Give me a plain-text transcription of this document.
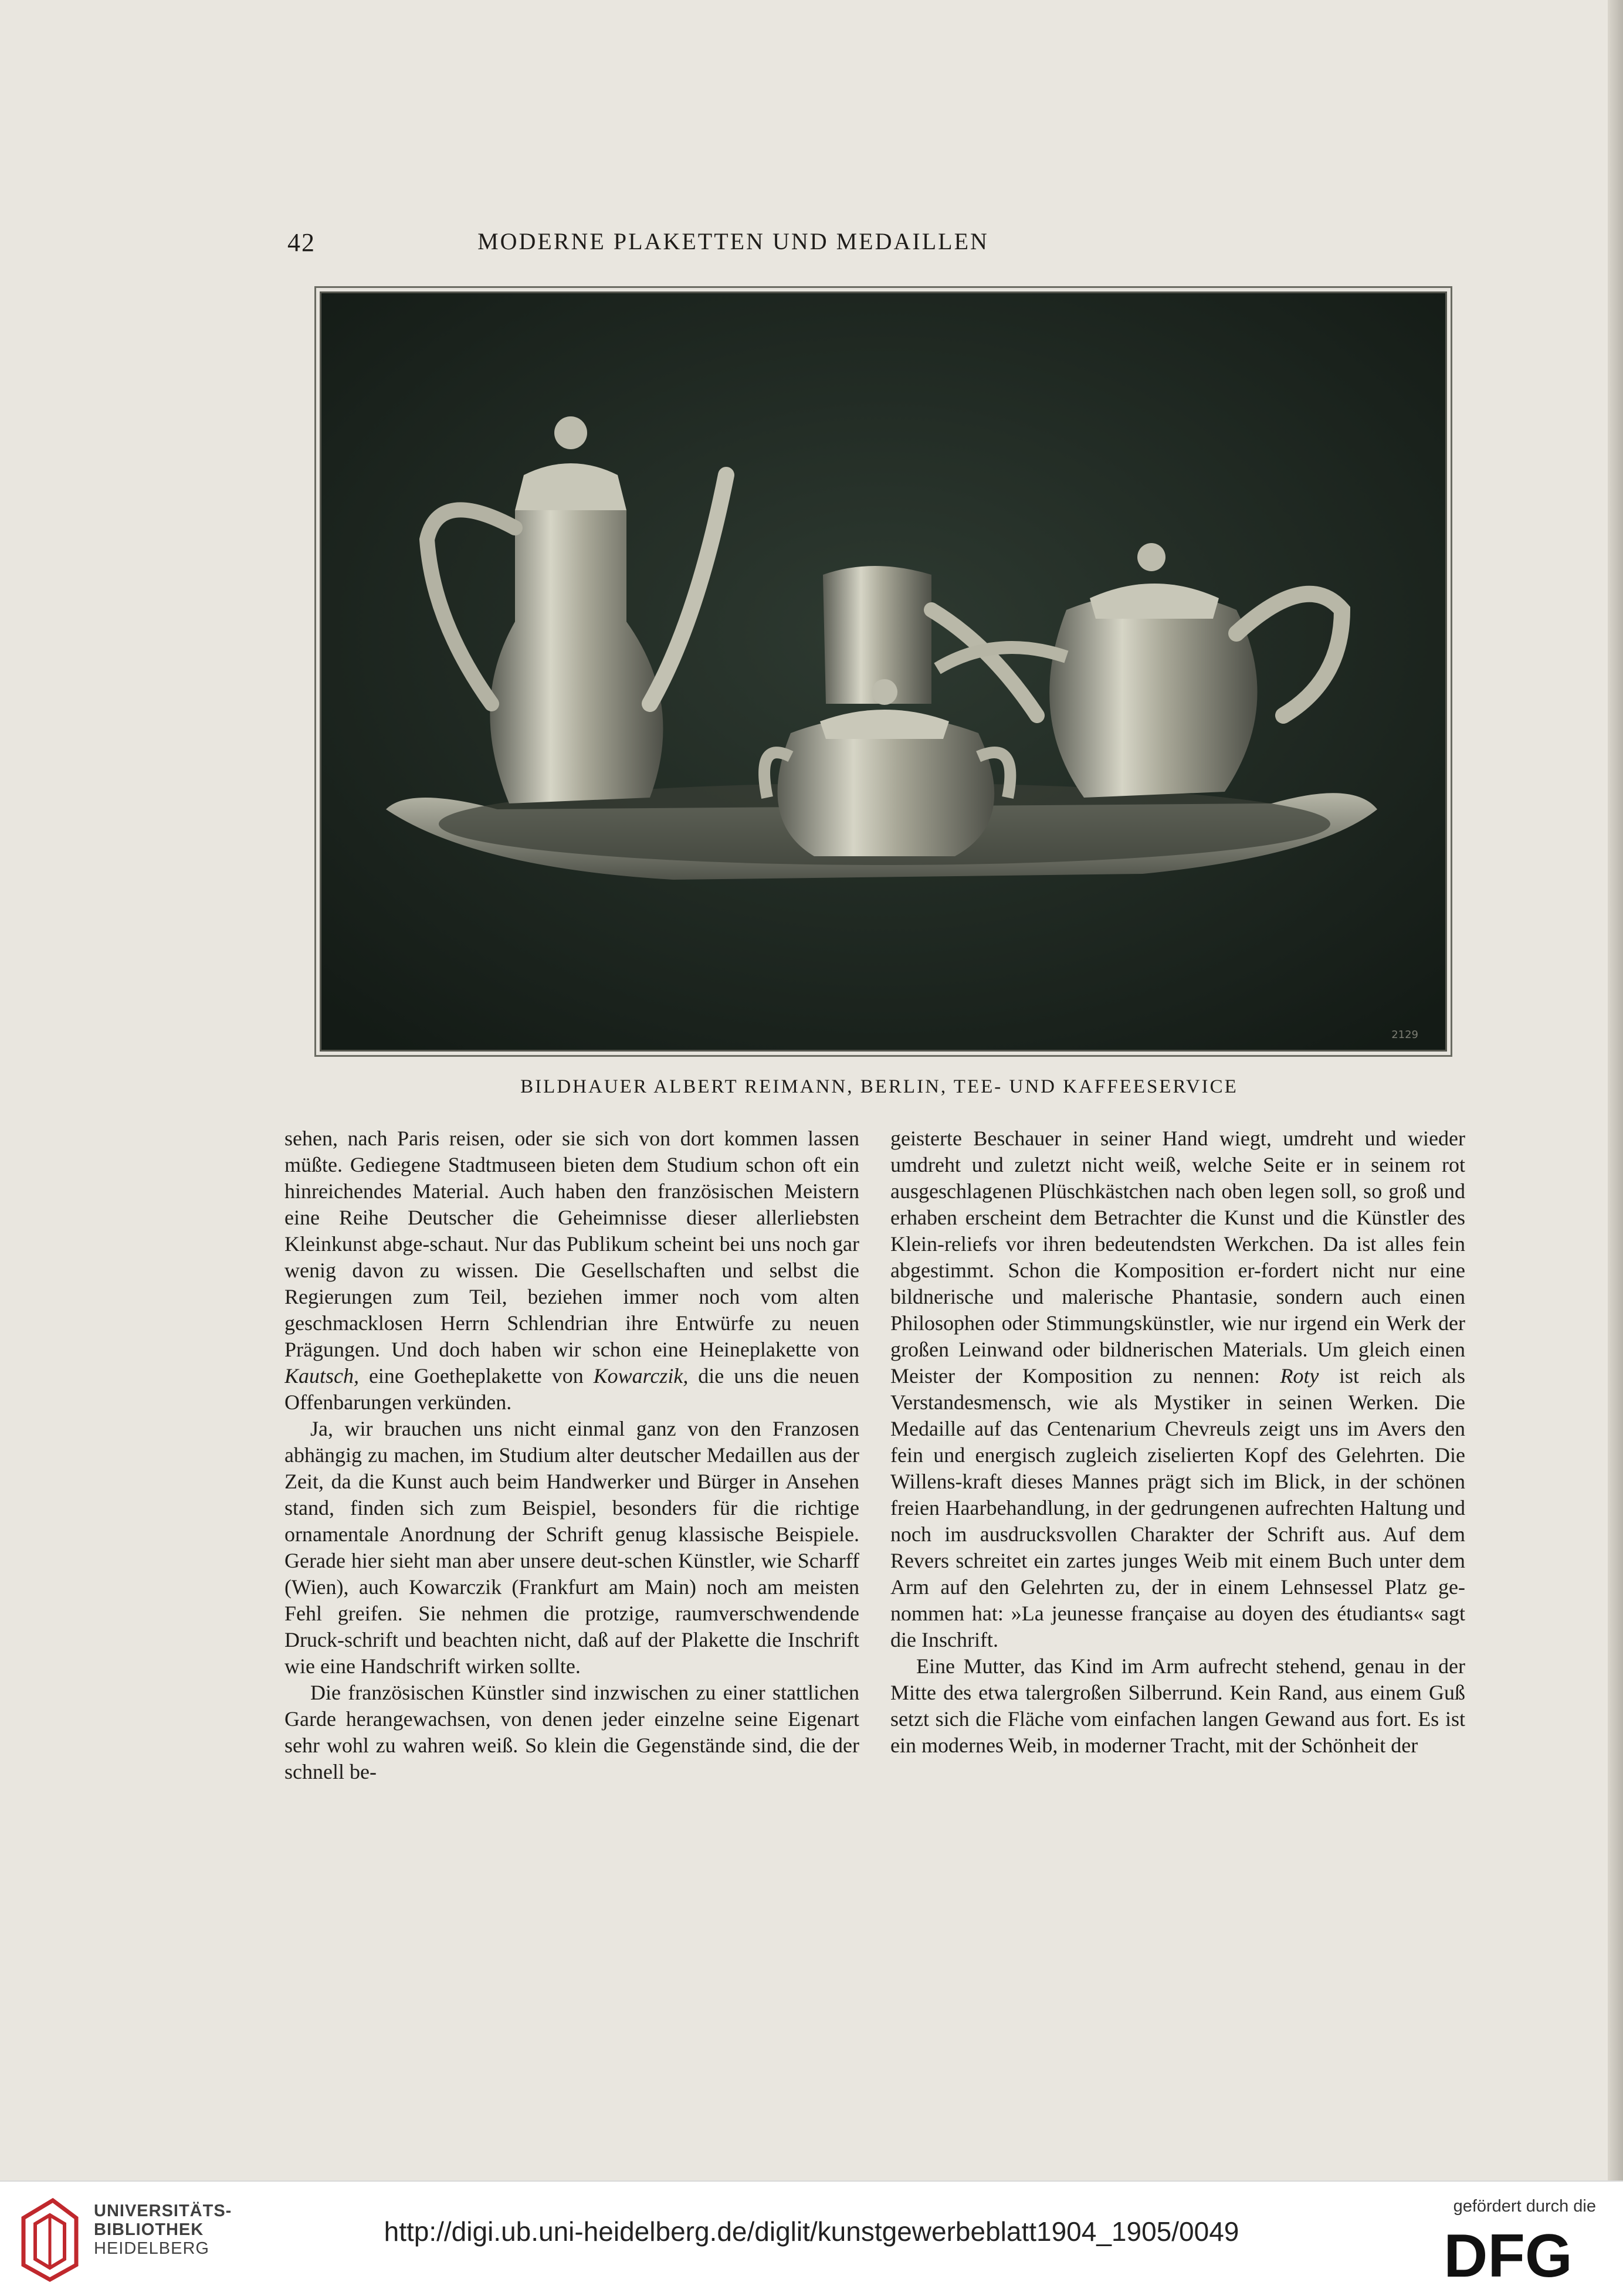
42	MODERNE PLAKETTEN UND MEDAILLEN
2129
BILDHAUER ALBERT REIMANN, BERLIN, TEE- UND KAFFEESERVICE

sehen, nach Paris reisen, oder sie sich von dort kommen lassen müßte. Gediegene Stadtmuseen bieten dem Studium schon oft ein hinreichendes Material. Auch haben den französischen Meistern eine Reihe Deutscher die Geheimnisse dieser allerliebsten Kleinkunst abge-schaut. Nur das Publikum scheint bei uns noch gar wenig davon zu wissen. Die Gesellschaften und selbst die Regierungen zum Teil, beziehen immer noch vom alten geschmacklosen Herrn Schlendrian ihre Entwürfe zu neuen Prägungen. Und doch haben wir schon eine Heineplakette von Kautsch, eine Goetheplakette von Kowarczik, die uns die neuen Offenbarungen verkünden.

Ja, wir brauchen uns nicht einmal ganz von den Franzosen abhängig zu machen, im Studium alter deutscher Medaillen aus der Zeit, da die Kunst auch beim Handwerker und Bürger in Ansehen stand, finden sich zum Beispiel, besonders für die richtige ornamentale Anordnung der Schrift genug klassische Beispiele. Gerade hier sieht man aber unsere deut-schen Künstler, wie Scharff (Wien), auch Kowarczik (Frankfurt am Main) noch am meisten Fehl greifen. Sie nehmen die protzige, raumverschwendende Druck-schrift und beachten nicht, daß auf der Plakette die Inschrift wie eine Handschrift wirken sollte.

Die französischen Künstler sind inzwischen zu einer stattlichen Garde herangewachsen, von denen jeder einzelne seine Eigenart sehr wohl zu wahren weiß. So klein die Gegenstände sind, die der schnell be-

geisterte Beschauer in seiner Hand wiegt, umdreht und wieder umdreht und zuletzt nicht weiß, welche Seite er in seinem rot ausgeschlagenen Plüschkästchen nach oben legen soll, so groß und erhaben erscheint dem Betrachter die Kunst und die Künstler des Klein-reliefs vor ihren bedeutendsten Werkchen. Da ist alles fein abgestimmt. Schon die Komposition er-fordert nicht nur eine bildnerische und malerische Phantasie, sondern auch einen Philosophen oder Stimmungskünstler, wie nur irgend ein Werk der großen Leinwand oder bildnerischen Materials. Um gleich einen Meister der Komposition zu nennen: Roty ist reich als Verstandesmensch, wie als Mystiker in seinen Werken. Die Medaille auf das Centenarium Chevreuls zeigt uns im Avers den fein und energisch zugleich ziselierten Kopf des Gelehrten. Die Willens-kraft dieses Mannes prägt sich im Blick, in der schönen freien Haarbehandlung, in der gedrungenen aufrechten Haltung und noch im ausdrucksvollen Charakter der Schrift aus. Auf dem Revers schreitet ein zartes junges Weib mit einem Buch unter dem Arm auf den Gelehrten zu, der in einem Lehnsessel Platz ge-nommen hat: »La jeunesse française au doyen des étudiants« sagt die Inschrift.

Eine Mutter, das Kind im Arm aufrecht stehend, genau in der Mitte des etwa talergroßen Silberrund. Kein Rand, aus einem Guß setzt sich die Fläche vom einfachen langen Gewand aus fort. Es ist ein modernes Weib, in moderner Tracht, mit der Schönheit der

UNIVERSITÄTS-
BIBLIOTHEK
HEIDELBERG
http://digi.ub.uni-heidelberg.de/diglit/kunstgewerbeblatt1904_1905/0049
gefördert durch die
DFG
